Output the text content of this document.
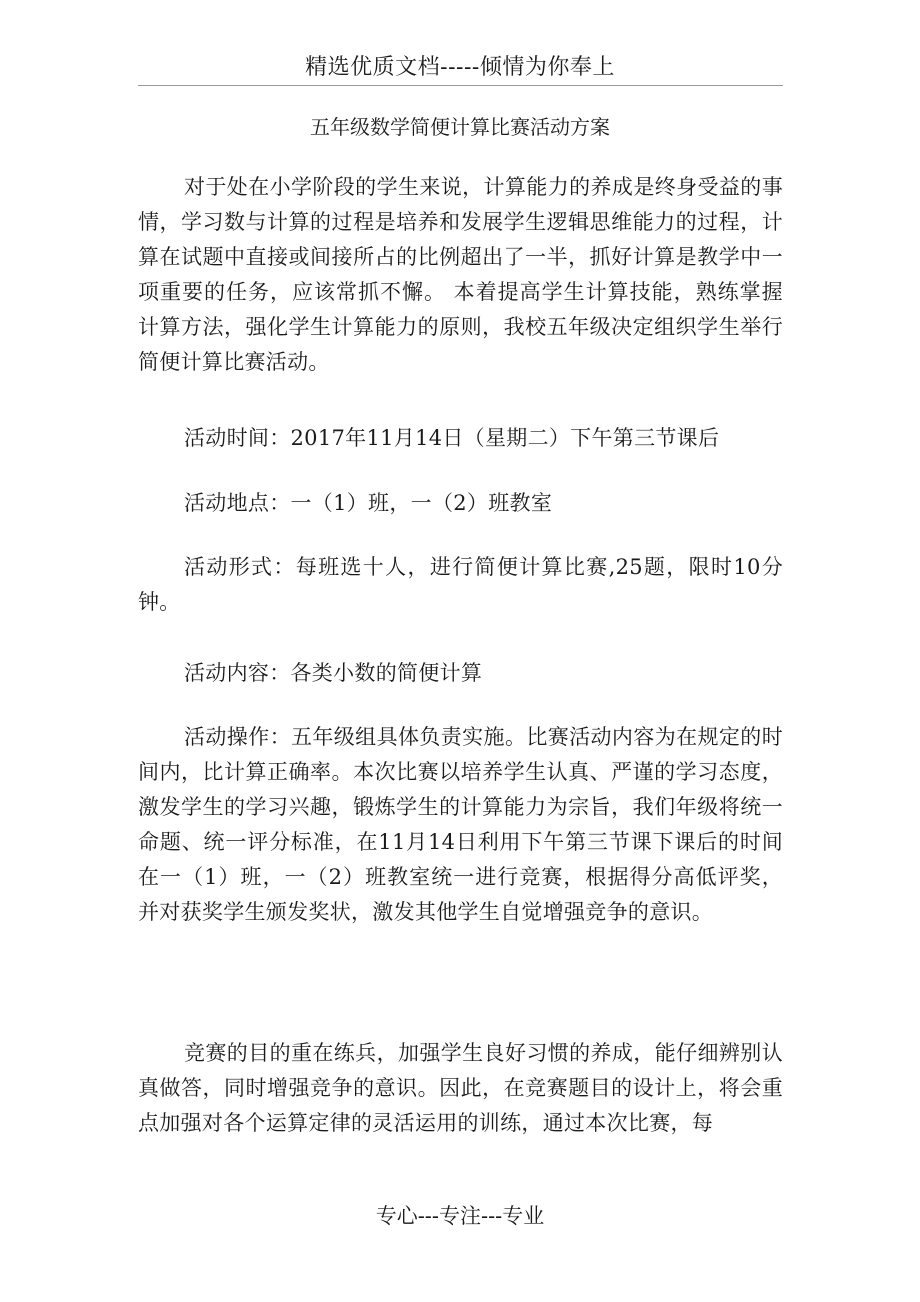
精选优质文档-----倾情为你奉上
五年级数学简便计算比赛活动方案

对于处在小学阶段的学生来说，计算能力的养成是终身受益的事情，学习数与计算的过程是培养和发展学生逻辑思维能力的过程，计算在试题中直接或间接所占的比例超出了一半，抓好计算是教学中一项重要的任务，应该常抓不懈。 本着提高学生计算技能，熟练掌握计算方法，强化学生计算能力的原则，我校五年级决定组织学生举行简便计算比赛活动。

活动时间：2017年11月14日（星期二）下午第三节课后

活动地点：一（1）班，一（2）班教室

活动形式：每班选十人，进行简便计算比赛,25题，限时10分钟。

活动内容：各类小数的简便计算

活动操作：五年级组具体负责实施。比赛活动内容为在规定的时间内，比计算正确率。本次比赛以培养学生认真、严谨的学习态度，激发学生的学习兴趣，锻炼学生的计算能力为宗旨，我们年级将统一命题、统一评分标准，在11月14日利用下午第三节课下课后的时间在一（1）班，一（2）班教室统一进行竞赛，根据得分高低评奖，并对获奖学生颁发奖状，激发其他学生自觉增强竞争的意识。

竞赛的目的重在练兵，加强学生良好习惯的养成，能仔细辨别认真做答，同时增强竞争的意识。因此，在竞赛题目的设计上，将会重点加强对各个运算定律的灵活运用的训练，通过本次比赛，每

专心---专注---专业
